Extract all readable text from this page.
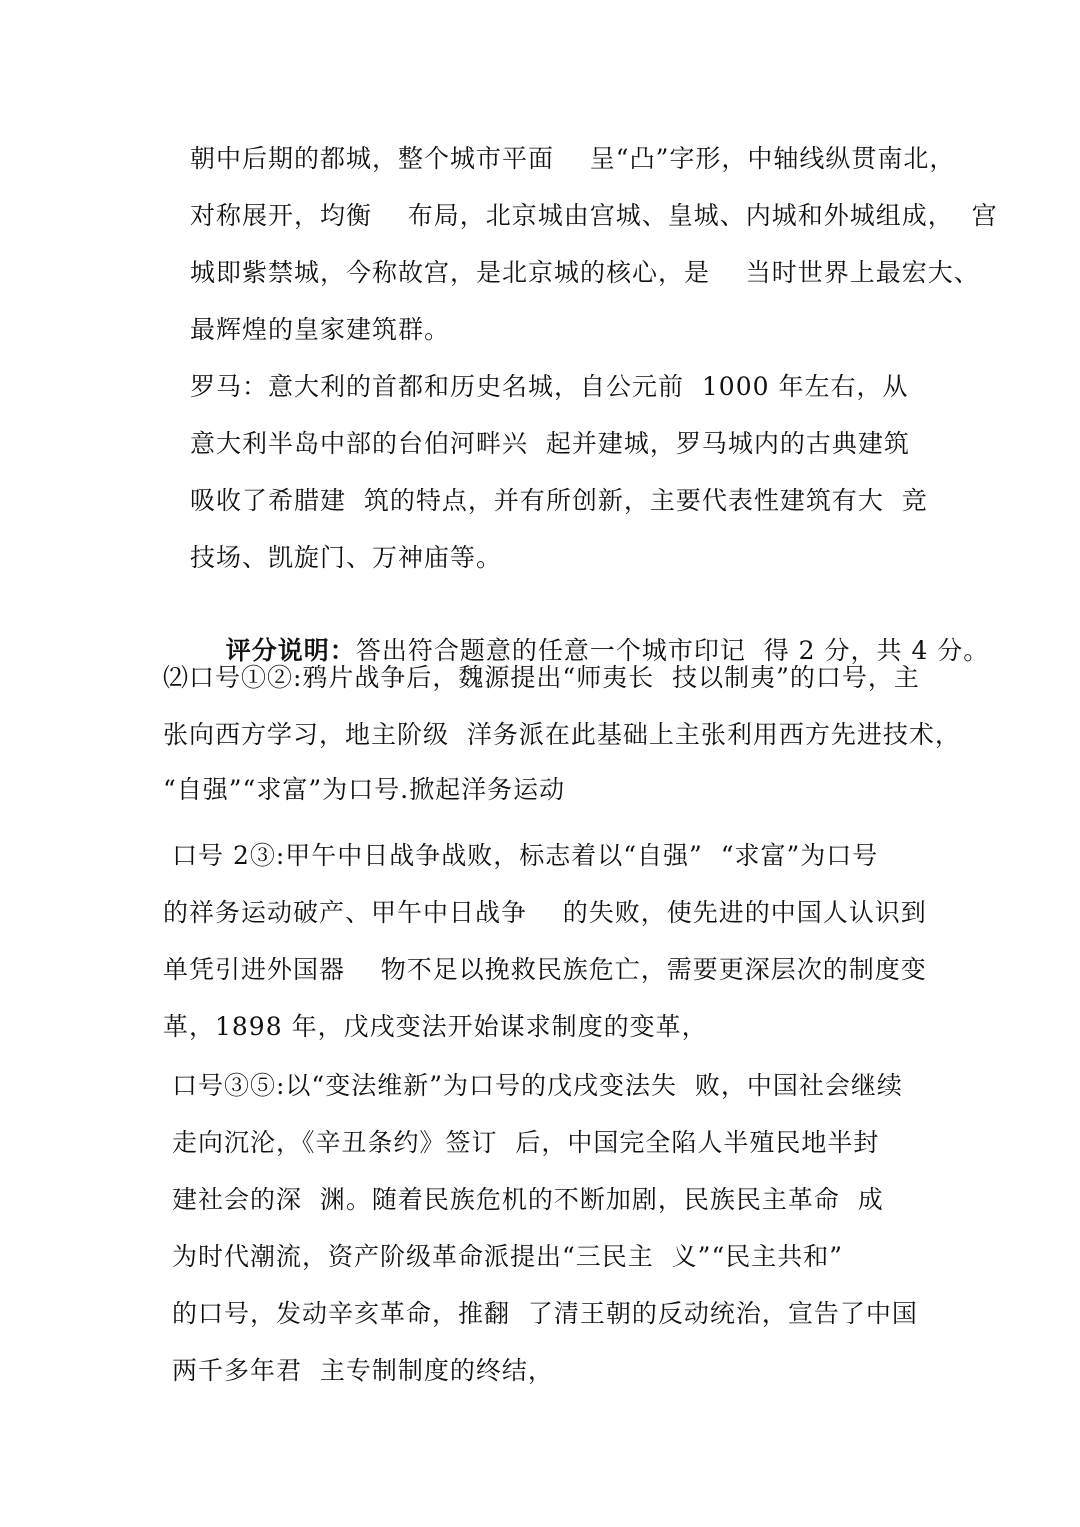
朝中后期的都城，整个城市平面    呈“凸”字形，中轴线纵贯南北，
对称展开，均衡    布局，北京城由宫城、皇城、内城和外城组成，  宫
城即紫禁城，今称故宫，是北京城的核心，是    当时世界上最宏大、
最辉煌的皇家建筑群。
罗马：意大利的首都和历史名城，自公元前  1000 年左右，从
意大利半岛中部的台伯河畔兴  起并建城，罗马城内的古典建筑
吸收了希腊建  筑的特点，并有所创新，主要代表性建筑有大  竞
技场、凯旋门、万神庙等。

评分说明：答出符合题意的任意一个城市印记  得 2 分，共 4 分。

⑵口号①②:鸦片战争后，魏源提出“师夷长  技以制夷”的口号，主
张向西方学习，地主阶级  洋务派在此基础上主张利用西方先进技术，
“自强”“求富”为口号.掀起洋务运动
口号 2③:甲午中日战争战败，标志着以“自强”  “求富”为口号
的祥务运动破产、甲午中日战争    的失败，使先进的中国人认识到
单凭引进外国器    物不足以挽救民族危亡，需要更深层次的制度变
革，1898 年，戊戌变法开始谋求制度的变革，
口号③⑤:以“变法维新”为口号的戊戌变法失  败，中国社会继续
走向沉沦，《辛丑条约》签订  后，中国完全陷人半殖民地半封
建社会的深  渊。随着民族危机的不断加剧，民族民主革命  成
为时代潮流，资产阶级革命派提出“三民主  义”“民主共和”
的口号，发动辛亥革命，推翻  了清王朝的反动统治，宣告了中国
两千多年君  主专制制度的终结，
